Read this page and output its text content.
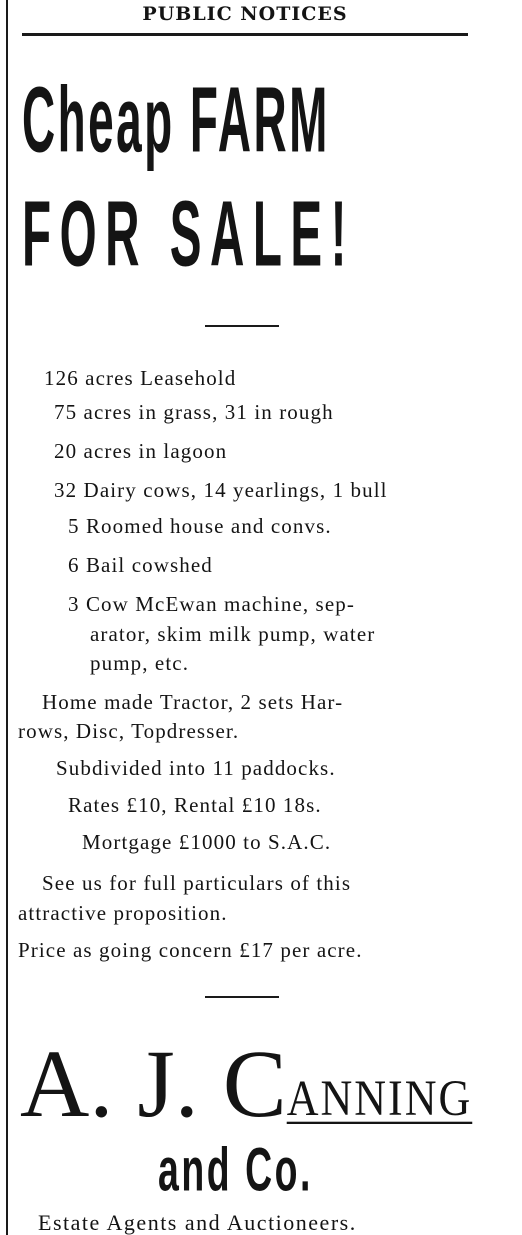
PUBLIC NOTICES
Cheap FARM
FOR SALE!
126 acres Leasehold
75 acres in grass, 31 in rough
20 acres in lagoon
32 Dairy cows, 14 yearlings, 1 bull
5 Roomed house and convs.
6 Bail cowshed
3 Cow McEwan machine, sep-
arator, skim milk pump, water
pump, etc.
Home made Tractor, 2 sets Har-
rows, Disc, Topdresser.
Subdivided into 11 paddocks.
Rates £10, Rental £10 18s.
Mortgage £1000 to S.A.C.
See us for full particulars of this
attractive proposition.
Price as going concern £17 per acre.
A. J. CANNING
and Co.
Estate Agents and Auctioneers.
